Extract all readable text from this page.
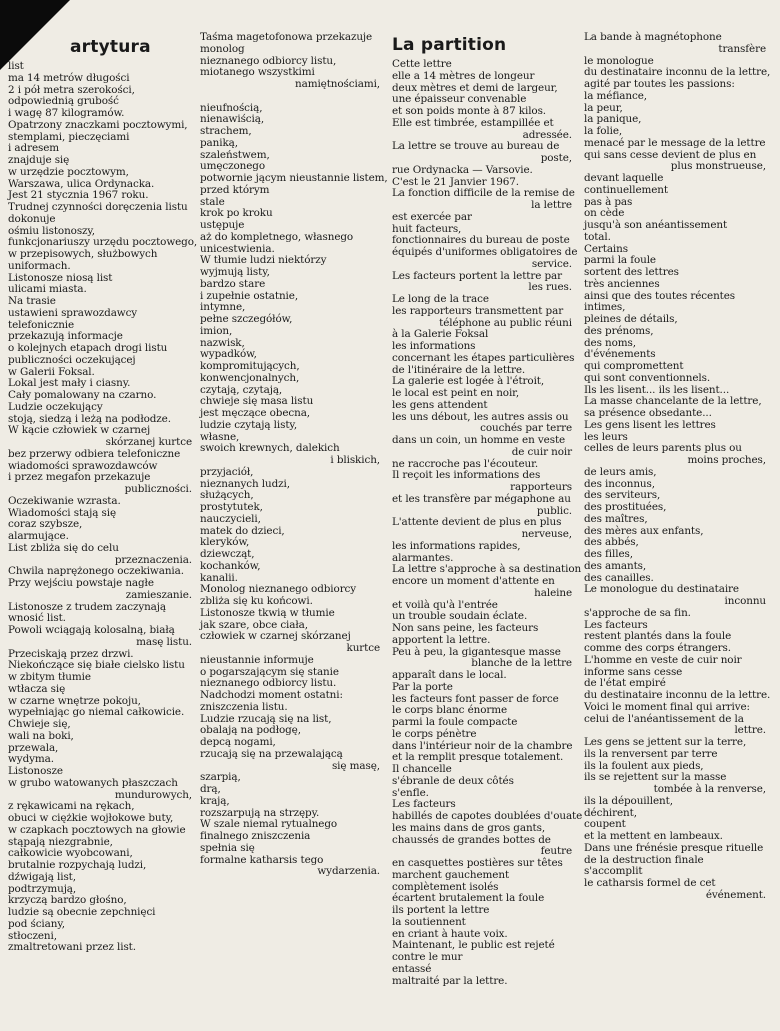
artytura
list
ma 14 metrów długości
2 i pół metra szerokości,
odpowiednią grubość
i wagę 87 kilogramów.
Opatrzony znaczkami pocztowymi,
stemplami, pieczęciami
i adresem
znajduje się
w urzędzie pocztowym,
Warszawa, ulica Ordynacka.
Jest 21 stycznia 1967 roku.
Trudnej czynności doręczenia listu
dokonuje
ośmiu listonoszy,
funkcjonariuszy urzędu pocztowego,
w przepisowych, służbowych
uniformach.
Listonosze niosą list
ulicami miasta.
Na trasie
ustawieni sprawozdawcy
telefonicznie
przekazują informacje
o kolejnych etapach drogi listu
publiczności oczekującej
w Galerii Foksal.
Lokal jest mały i ciasny.
Cały pomalowany na czarno.
Ludzie oczekujący
stoją, siedzą i leżą na podłodze.
W kącie człowiek w czarnej
skórzanej kurtce
bez przerwy odbiera telefoniczne
wiadomości sprawozdawców
i przez megafon przekazuje
publiczności.
Oczekiwanie wzrasta.
Wiadomości stają się
coraz szybsze,
alarmujące.
List zbliża się do celu
przeznaczenia.
Chwila naprężonego oczekiwania.
Przy wejściu powstaje nagłe
zamieszanie.
Listonosze z trudem zaczynają
wnosić list.
Powoli wciągają kolosalną, białą
masę listu.
Przeciskają przez drzwi.
Niekończące się białe cielsko listu
w zbitym tłumie
wtłacza się
w czarne wnętrze pokoju,
wypełniając go niemal całkowicie.
Chwieje się,
wali na boki,
przewala,
wydyma.
Listonosze
w grubo watowanych płaszczach
mundurowych,
z rękawicami na rękach,
obuci w ciężkie wojłokowe buty,
w czapkach pocztowych na głowie
stąpają niezgrabnie,
całkowicie wyobcowani,
brutalnie rozpychają ludzi,
dźwigają list,
podtrzymują,
krzyczą bardzo głośno,
ludzie są obecnie zepchnięci
pod ściany,
stłoczeni,
zmaltretowani przez list.
Taśma magetofonowa przekazuje
monolog
nieznanego odbiorcy listu,
miotanego wszystkimi
namiętnościami,

nieufnością,
nienawiścią,
strachem,
paniką,
szaleństwem,
umęczonego
potwornie jącym nieustannie listem,
przed którym
stale
krok po kroku
ustępuje
aż do kompletnego, własnego
unicestwienia.
W tłumie ludzi niektórzy
wyjmują listy,
bardzo stare
i zupełnie ostatnie,
intymne,
pełne szczegółów,
imion,
nazwisk,
wypadków,
kompromitujących,
konwencjonalnych,
czytają, czytają,
chwieje się masa listu
jest męczące obecna,
ludzie czytają listy,
własne,
swoich krewnych, dalekich
i bliskich,
przyjaciół,
nieznanych ludzi,
służących,
prostytutek,
nauczycieli,
matek do dzieci,
kleryków,
dziewcząt,
kochanków,
kanalii.
Monolog nieznanego odbiorcy
zbliża się ku końcowi.
Listonosze tkwią w tłumie
jak szare, obce ciała,
człowiek w czarnej skórzanej
kurtce
nieustannie informuje
o pogarszającym się stanie
nieznanego odbiorcy listu.
Nadchodzi moment ostatni:
zniszczenia listu.
Ludzie rzucają się na list,
obalają na podłogę,
depcą nogami,
rzucają się na przewalającą
się masę,
szarpią,
drą,
krają,
rozszarpują na strzępy.
W szale niemal rytualnego
finalnego zniszczenia
spełnia się
formalne katharsis tego
wydarzenia.
La partition
Cette lettre
elle a 14 mètres de longeur
deux mètres et demi de largeur,
une épaisseur convenable
et son poids monte à 87 kilos.
Elle est timbrée, estampillée et
adressée.
La lettre se trouve au bureau de
poste,
rue Ordynacka — Varsovie.
C'est le 21 Janvier 1967.
La fonction difficile de la remise de
la lettre
est exercée par
huit facteurs,
fonctionnaires du bureau de poste
équipés d'uniformes obligatoires de
service.
Les facteurs portent la lettre par
les rues.
Le long de la trace
les rapporteurs transmettent par
téléphone au public réuni
à la Galerie Foksal
les informations
concernant les étapes particulières
de l'itinéraire de la lettre.
La galerie est logée à l'étroit,
le local est peint en noir,
les gens attendent
les uns débout, les autres assis ou
couchés par terre
dans un coin, un homme en veste
de cuir noir
ne raccroche pas l'écouteur.
Il reçoit les informations des
rapporteurs
et les transfère par mégaphone au
public.
L'attente devient de plus en plus
nerveuse,
les informations rapides,
alarmantes.
La lettre s'approche à sa destination
encore un moment d'attente en
haleine
et voilà qu'à l'entrée
un trouble soudain éclate.
Non sans peine, les facteurs
apportent la lettre.
Peu à peu, la gigantesque masse
blanche de la lettre
apparaît dans le local.
Par la porte
les facteurs font passer de force
le corps blanc énorme
parmi la foule compacte
le corps pénètre
dans l'intérieur noir de la chambre
et la remplit presque totalement.
Il chancelle
s'ébranle de deux côtés
s'enfle.
Les facteurs
habillés de capotes doublées d'ouate
les mains dans de gros gants,
chaussés de grandes bottes de
feutre
en casquettes postières sur têtes
marchent gauchement
complètement isolés
écartent brutalement la foule
ils portent la lettre
la soutiennent
en criant à haute voix.
Maintenant, le public est rejeté
contre le mur
entassé
maltraité par la lettre.
La bande à magnétophone
transfère
le monologue
du destinataire inconnu de la lettre,
agité par toutes les passions:
la méfiance,
la peur,
la panique,
la folie,
menacé par le message de la lettre
qui sans cesse devient de plus en
plus monstrueuse,
devant laquelle
continuellement
pas à pas
on cède
jusqu'à son anéantissement
total.
Certains
parmi la foule
sortent des lettres
très anciennes
ainsi que des toutes récentes
intimes,
pleines de détails,
des prénoms,
des noms,
d'événements
qui compromettent
qui sont conventionnels.
Ils les lisent... ils les lisent...
La masse chancelante de la lettre,
sa présence obsedante...
Les gens lisent les lettres
les leurs
celles de leurs parents plus ou
moins proches,
de leurs amis,
des inconnus,
des serviteurs,
des prostituées,
des maîtres,
des mères aux enfants,
des abbés,
des filles,
des amants,
des canailles.
Le monologue du destinataire
inconnu
s'approche de sa fin.
Les facteurs
restent plantés dans la foule
comme des corps étrangers.
L'homme en veste de cuir noir
informe sans cesse
de l'état empiré
du destinataire inconnu de la lettre.
Voici le moment final qui arrive:
celui de l'anéantissement de la
lettre.
Les gens se jettent sur la terre,
ils la renversent par terre
ils la foulent aux pieds,
ils se rejettent sur la masse
tombée à la renverse,
ils la dépouillent,
déchirent,
coupent
et la mettent en lambeaux.
Dans une frénésie presque rituelle
de la destruction finale
s'accomplit
le catharsis formel de cet
événement.
